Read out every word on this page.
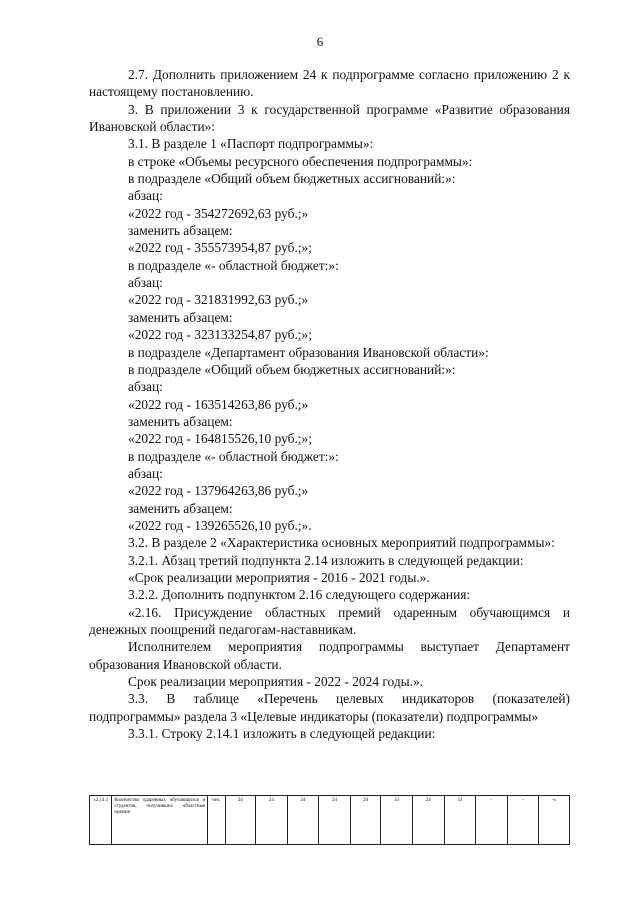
6

2.7. Дополнить приложением 24 к подпрограмме согласно приложению 2 к настоящему постановлению.

3. В приложении 3 к государственной программе «Развитие образования Ивановской области»:

3.1. В разделе 1 «Паспорт подпрограммы»:

в строке «Объемы ресурсного обеспечения подпрограммы»:

в подразделе «Общий объем бюджетных ассигнований:»:

абзац:

«2022 год - 354272692,63 руб.;»

заменить абзацем:

«2022 год - 355573954,87 руб.;»;

в подразделе «- областной бюджет:»:

абзац:

«2022 год - 321831992,63 руб.;»

заменить абзацем:

«2022 год - 323133254,87 руб.;»;

в подразделе «Департамент образования Ивановской области»:

в подразделе «Общий объем бюджетных ассигнований:»:

абзац:

«2022 год - 163514263,86 руб.;»

заменить абзацем:

«2022 год - 164815526,10 руб.;»;

в подразделе «- областной бюджет:»:

абзац:

«2022 год - 137964263,86 руб.;»

заменить абзацем:

«2022 год - 139265526,10 руб.;».

3.2. В разделе 2 «Характеристика основных мероприятий подпрограммы»:

3.2.1. Абзац третий подпункта 2.14 изложить в следующей редакции:

«Срок реализации мероприятия - 2016 - 2021 годы.».

3.2.2. Дополнить подпунктом 2.16 следующего содержания:

«2.16. Присуждение областных премий одаренным обучающимся и денежных поощрений педагогам-наставникам.

Исполнителем мероприятия подпрограммы выступает Департамент образования Ивановской области.

Срок реализации мероприятия - 2022 - 2024 годы.».

3.3. В таблице «Перечень целевых индикаторов (показателей) подпрограммы» раздела 3 «Целевые индикаторы (показатели) подпрограммы»

3.3.1. Строку 2.14.1 изложить в следующей редакции:

«2.14.1	Количество одаренных обучающихся и студентов, получивших областные премии	чел.	24	24	24	24	24	33	24	33	-	-	-»
